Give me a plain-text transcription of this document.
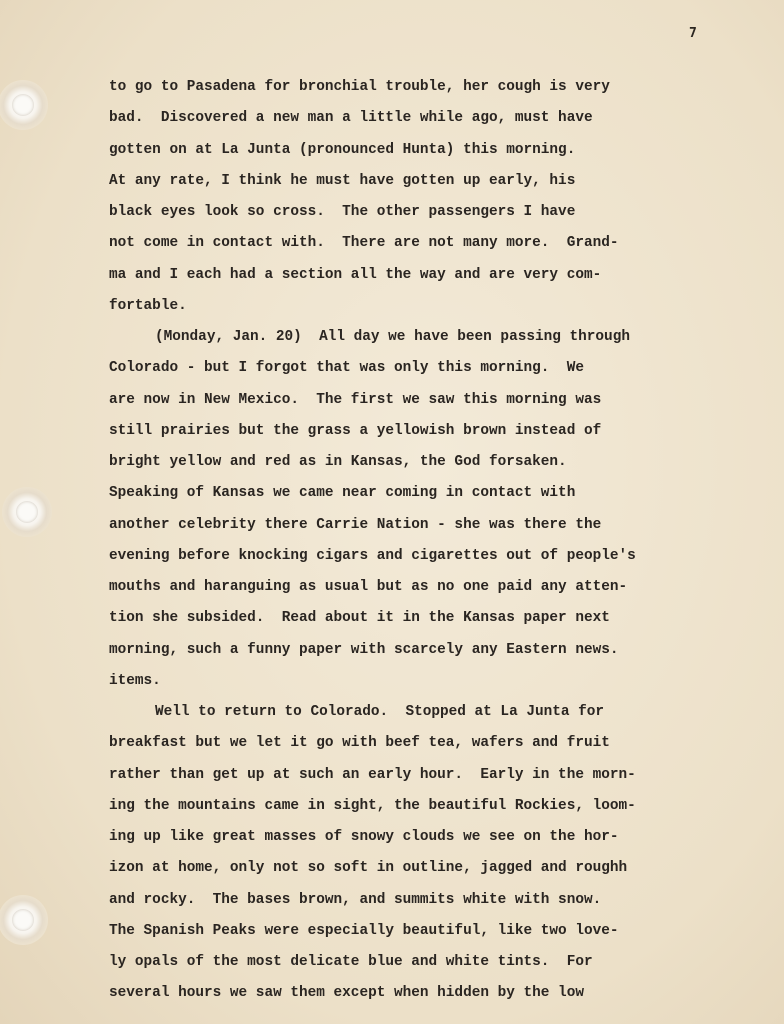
7
to go to Pasadena for bronchial trouble, her cough is very
bad.  Discovered a new man a little while ago, must have
gotten on at La Junta (pronounced Hunta) this morning.
At any rate, I think he must have gotten up early, his
black eyes look so cross.  The other passengers I have
not come in contact with.  There are not many more.  Grand-
ma and I each had a section all the way and are very com-
fortable.
(Monday, Jan. 20)  All day we have been passing through
Colorado - but I forgot that was only this morning.  We
are now in New Mexico.  The first we saw this morning was
still prairies but the grass a yellowish brown instead of
bright yellow and red as in Kansas, the God forsaken.
Speaking of Kansas we came near coming in contact with
another celebrity there Carrie Nation - she was there the
evening before knocking cigars and cigarettes out of people's
mouths and haranguing as usual but as no one paid any atten-
tion she subsided.  Read about it in the Kansas paper next
morning, such a funny paper with scarcely any Eastern news.
items.
Well to return to Colorado.  Stopped at La Junta for
breakfast but we let it go with beef tea, wafers and fruit
rather than get up at such an early hour.  Early in the morn-
ing the mountains came in sight, the beautiful Rockies, loom-
ing up like great masses of snowy clouds we see on the hor-
izon at home, only not so soft in outline, jagged and roughh
and rocky.  The bases brown, and summits white with snow.
The Spanish Peaks were especially beautiful, like two love-
ly opals of the most delicate blue and white tints.  For
several hours we saw them except when hidden by the low
